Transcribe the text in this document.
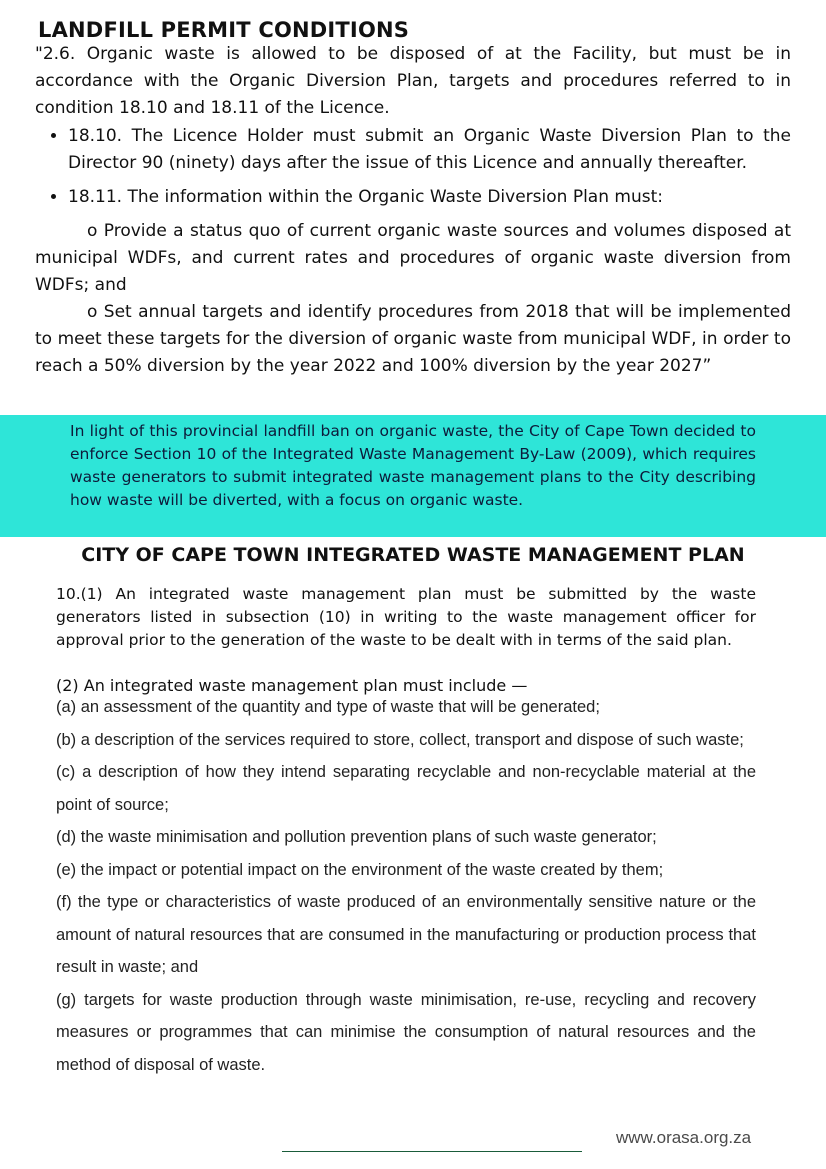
LANDFILL PERMIT CONDITIONS

"2.6. Organic waste is allowed to be disposed of at the Facility, but must be in accordance with the Organic Diversion Plan, targets and procedures referred to in condition 18.10 and 18.11 of the Licence.

• 18.10. The Licence Holder must submit an Organic Waste Diversion Plan to the Director 90 (ninety) days after the issue of this Licence and annually thereafter.
• 18.11. The information within the Organic Waste Diversion Plan must:

o Provide a status quo of current organic waste sources and volumes disposed at municipal WDFs, and current rates and procedures of organic waste diversion from WDFs; and

o Set annual targets and identify procedures from 2018 that will be implemented to meet these targets for the diversion of organic waste from municipal WDF, in order to reach a 50% diversion by the year 2022 and 100% diversion by the year 2027”

In light of this provincial landfill ban on organic waste, the City of Cape Town decided to enforce Section 10 of the Integrated Waste Management By-Law (2009), which requires waste generators to submit integrated waste management plans to the City describing how waste will be diverted, with a focus on organic waste.

CITY OF CAPE TOWN INTEGRATED WASTE MANAGEMENT PLAN

10.(1) An integrated waste management plan must be submitted by the waste generators listed in subsection (10) in writing to the waste management officer for approval prior to the generation of the waste to be dealt with in terms of the said plan.

(2) An integrated waste management plan must include —

(a) an assessment of the quantity and type of waste that will be generated;
(b) a description of the services required to store, collect, transport and dispose of such waste;
(c) a description of how they intend separating recyclable and non-recyclable material at the point of source;
(d) the waste minimisation and pollution prevention plans of such waste generator;
(e) the impact or potential impact on the environment of the waste created by them;
(f) the type or characteristics of waste produced of an environmentally sensitive nature or the amount of natural resources that are consumed in the manufacturing or production process that result in waste; and
(g) targets for waste production through waste minimisation, re-use, recycling and recovery measures or programmes that can minimise the consumption of natural resources and the method of disposal of waste.
www.orasa.org.za
